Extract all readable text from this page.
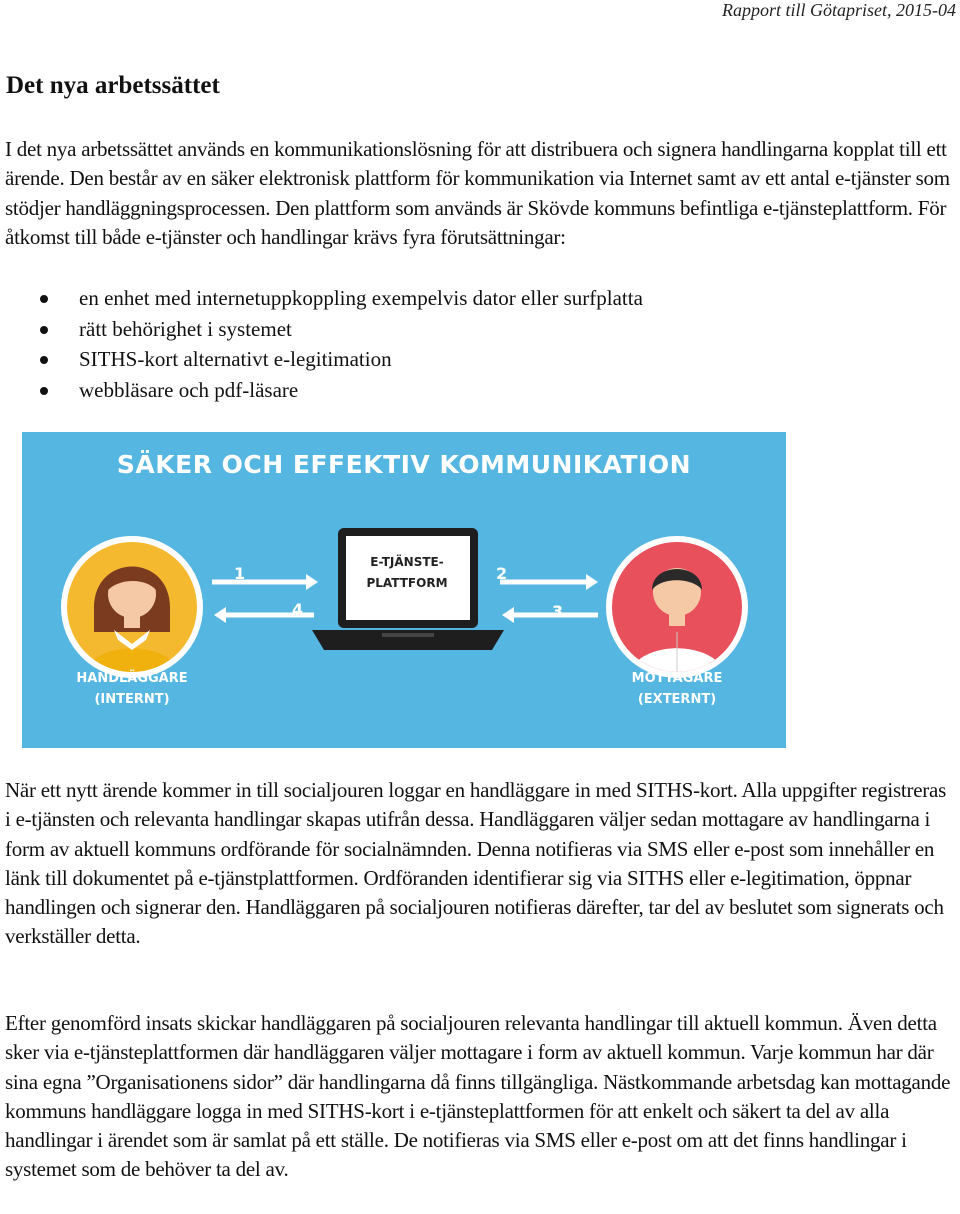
Rapport till Götapriset, 2015-04
Det nya arbetssättet

I det nya arbetssättet används en kommunikationslösning för att distribuera och signera handlingarna kopplat till ett ärende. Den består av en säker elektronisk plattform för kommunikation via Internet samt av ett antal e-tjänster som stödjer handläggningsprocessen. Den plattform som används är Skövde kommuns befintliga e-tjänsteplattform. För åtkomst till både e-tjänster och handlingar krävs fyra förutsättningar:

en enhet med internetuppkoppling exempelvis dator eller surfplatta
rätt behörighet i systemet
SITHS-kort alternativt e-legitimation
webbläsare och pdf-läsare
SÄKER OCH EFFEKTIV KOMMUNIKATION
E-TJÄNSTE-
PLATTFORM
1
4
2
3
HANDLÄGGARE
(INTERNT)
MOTTAGARE
(EXTERNT)

När ett nytt ärende kommer in till socialjouren loggar en handläggare in med SITHS-kort. Alla uppgifter registreras i e-tjänsten och relevanta handlingar skapas utifrån dessa. Handläggaren väljer sedan mottagare av handlingarna i form av aktuell kommuns ordförande för socialnämnden. Denna notifieras via SMS eller e-post som innehåller en länk till dokumentet på e-tjänstplattformen. Ordföranden identifierar sig via SITHS eller e-legitimation, öppnar handlingen och signerar den. Handläggaren på socialjouren notifieras därefter, tar del av beslutet som signerats och verkställer detta.

Efter genomförd insats skickar handläggaren på socialjouren relevanta handlingar till aktuell kommun. Även detta sker via e-tjänsteplattformen där handläggaren väljer mottagare i form av aktuell kommun. Varje kommun har där sina egna ”Organisationens sidor” där handlingarna då finns tillgängliga. Nästkommande arbetsdag kan mottagande kommuns handläggare logga in med SITHS-kort i e-tjänsteplattformen för att enkelt och säkert ta del av alla handlingar i ärendet som är samlat på ett ställe. De notifieras via SMS eller e-post om att det finns handlingar i systemet som de behöver ta del av.
